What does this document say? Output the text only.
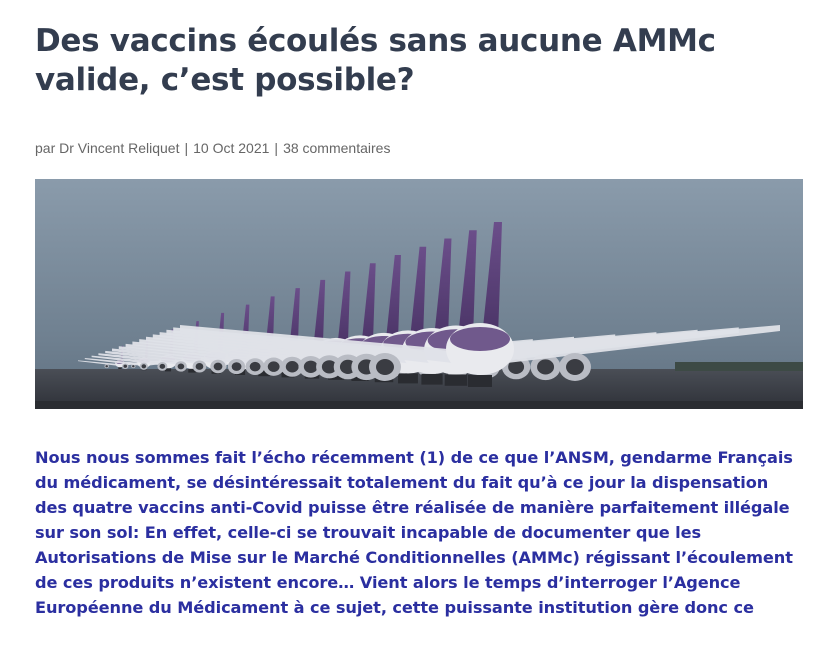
Des vaccins écoulés sans aucune AMMc valide, c’est possible?
par Dr Vincent Reliquet | 10 Oct 2021 | 38 commentaires
Nous nous sommes fait l’écho récemment (1) de ce que l’ANSM, gendarme Français
du médicament, se désintéressait totalement du fait qu’à ce jour la dispensation
des quatre vaccins anti-Covid puisse être réalisée de manière parfaitement illégale
sur son sol: En effet, celle-ci se trouvait incapable de documenter que les
Autorisations de Mise sur le Marché Conditionnelles (AMMc) régissant l’écoulement
de ces produits n’existent encore… Vient alors le temps d’interroger l’Agence
Européenne du Médicament à ce sujet, cette puissante institution gère donc ce
